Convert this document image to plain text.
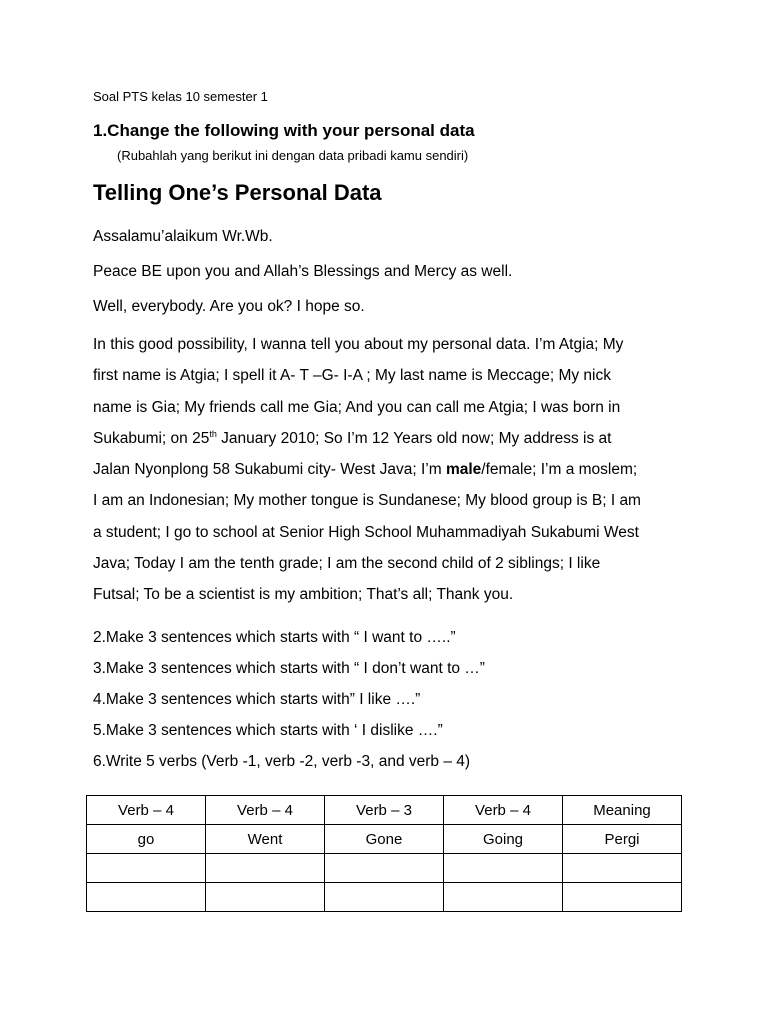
Soal PTS kelas 10 semester 1
1.Change the following with your personal data
(Rubahlah yang berikut ini dengan data pribadi kamu sendiri)
Telling One’s Personal Data
Assalamu’alaikum Wr.Wb.
Peace BE upon you and Allah’s Blessings and Mercy as well.
Well, everybody. Are you ok? I hope so.
In this good possibility, I wanna tell you about my personal data. I’m Atgia; My
first name is Atgia; I spell it A- T –G- I-A ; My last name is Meccage; My nick
name is Gia; My friends call me Gia; And you can call me Atgia; I was born in
Sukabumi; on 25th January 2010; So I’m 12 Years old now; My address is at
Jalan Nyonplong 58 Sukabumi city- West Java; I’m male/female; I’m a moslem;
I am an Indonesian; My mother tongue is Sundanese; My blood group is B; I am
a student; I go to school at Senior High School Muhammadiyah Sukabumi West
Java; Today I am the tenth grade; I am the second child of 2 siblings; I like
Futsal; To be a scientist is my ambition; That’s all; Thank you.
2.Make 3 sentences which starts with “ I want to …..”
3.Make 3 sentences which starts with “ I don’t want to …”
4.Make 3 sentences which starts with” I like ….”
5.Make 3 sentences which starts with ‘ I dislike ….”
6.Write 5 verbs (Verb -1, verb -2, verb -3, and verb – 4)
Verb – 4	Verb – 4	Verb – 3	Verb – 4	Meaning
go	Went	Gone	Going	Pergi
